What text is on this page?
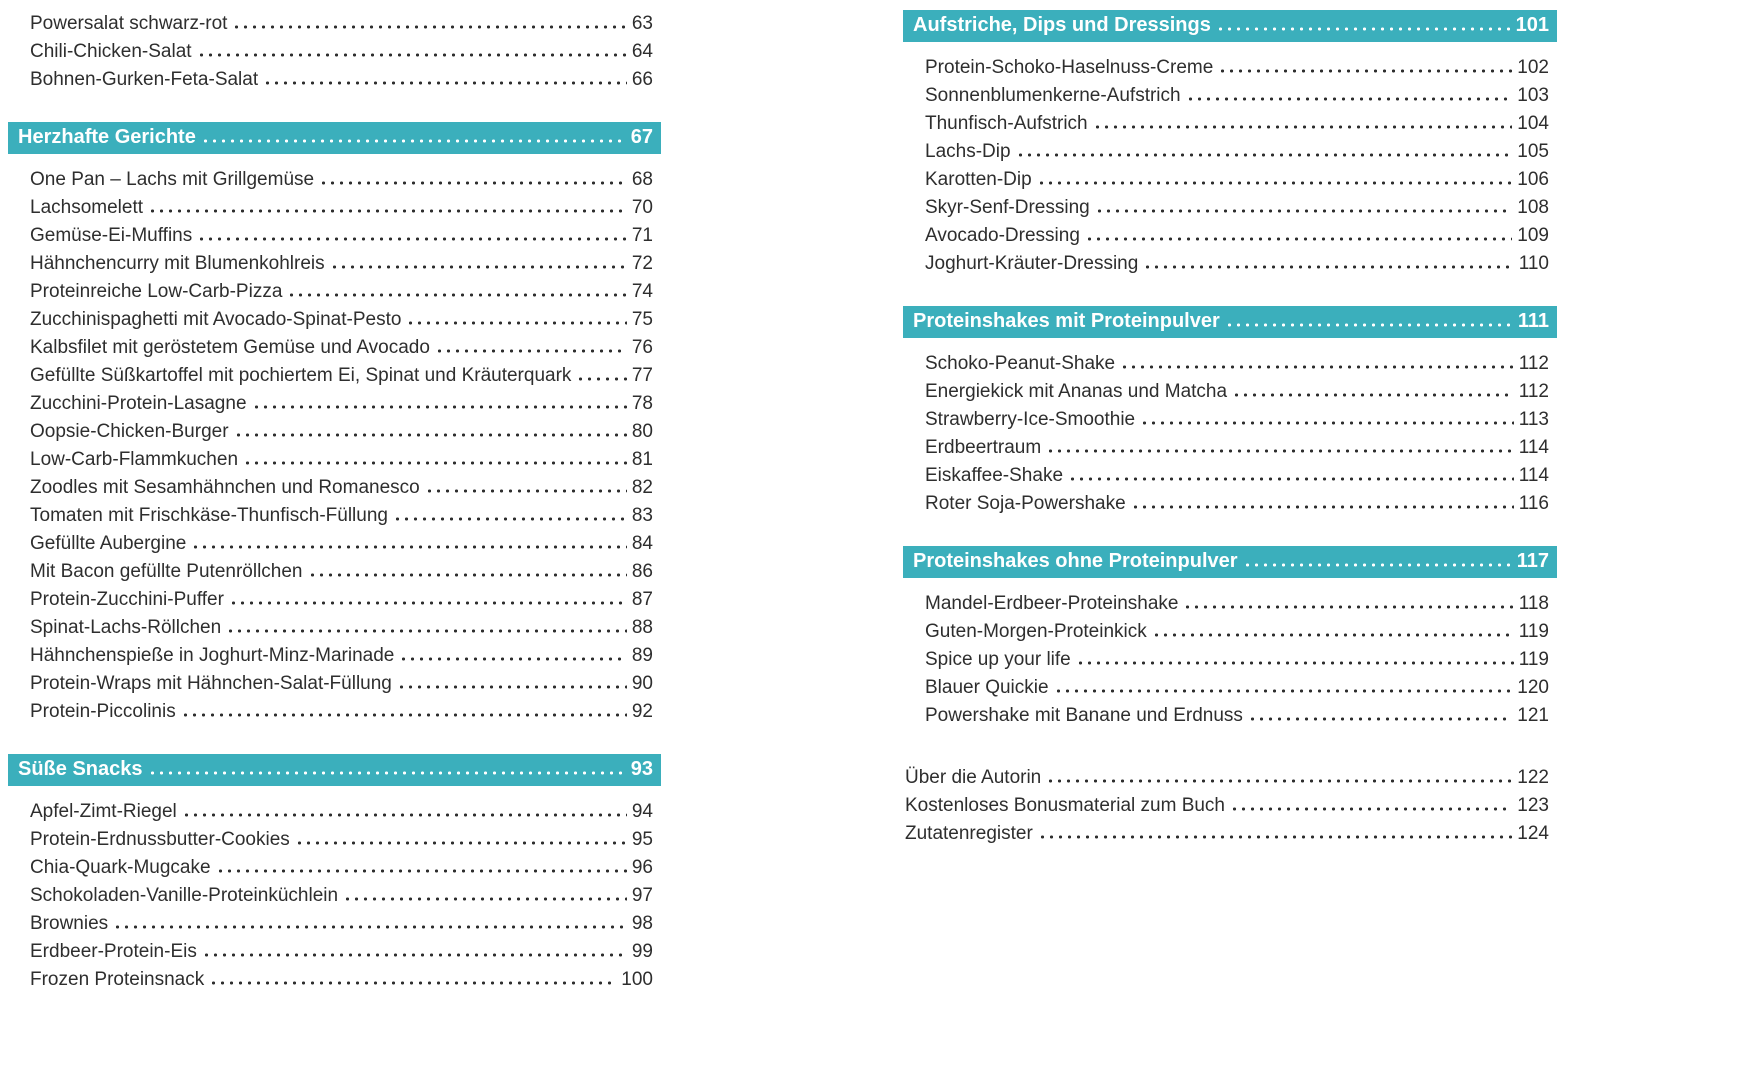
Powersalat schwarz-rot	63
Chili-Chicken-Salat	64
Bohnen-Gurken-Feta-Salat	66
Herzhafte Gerichte	67
One Pan – Lachs mit Grillgemüse	68
Lachsomelett	70
Gemüse-Ei-Muffins	71
Hähnchencurry mit Blumenkohlreis	72
Proteinreiche Low-Carb-Pizza	74
Zucchinispaghetti mit Avocado-Spinat-Pesto	75
Kalbsfilet mit geröstetem Gemüse und Avocado	76
Gefüllte Süßkartoffel mit pochiertem Ei, Spinat und Kräuterquark	77
Zucchini-Protein-Lasagne	78
Oopsie-Chicken-Burger	80
Low-Carb-Flammkuchen	81
Zoodles mit Sesamhähnchen und Romanesco	82
Tomaten mit Frischkäse-Thunfisch-Füllung	83
Gefüllte Aubergine	84
Mit Bacon gefüllte Putenröllchen	86
Protein-Zucchini-Puffer	87
Spinat-Lachs-Röllchen	88
Hähnchenspieße in Joghurt-Minz-Marinade	89
Protein-Wraps mit Hähnchen-Salat-Füllung	90
Protein-Piccolinis	92
Süße Snacks	93
Apfel-Zimt-Riegel	94
Protein-Erdnussbutter-Cookies	95
Chia-Quark-Mugcake	96
Schokoladen-Vanille-Proteinküchlein	97
Brownies	98
Erdbeer-Protein-Eis	99
Frozen Proteinsnack	100
Aufstriche, Dips und Dressings	101
Protein-Schoko-Haselnuss-Creme	102
Sonnenblumenkerne-Aufstrich	103
Thunfisch-Aufstrich	104
Lachs-Dip	105
Karotten-Dip	106
Skyr-Senf-Dressing	108
Avocado-Dressing	109
Joghurt-Kräuter-Dressing	110
Proteinshakes mit Proteinpulver	111
Schoko-Peanut-Shake	112
Energiekick mit Ananas und Matcha	112
Strawberry-Ice-Smoothie	113
Erdbeertraum	114
Eiskaffee-Shake	114
Roter Soja-Powershake	116
Proteinshakes ohne Proteinpulver	117
Mandel-Erdbeer-Proteinshake	118
Guten-Morgen-Proteinkick	119
Spice up your life	119
Blauer Quickie	120
Powershake mit Banane und Erdnuss	121
Über die Autorin	122
Kostenloses Bonusmaterial zum Buch	123
Zutatenregister	124
